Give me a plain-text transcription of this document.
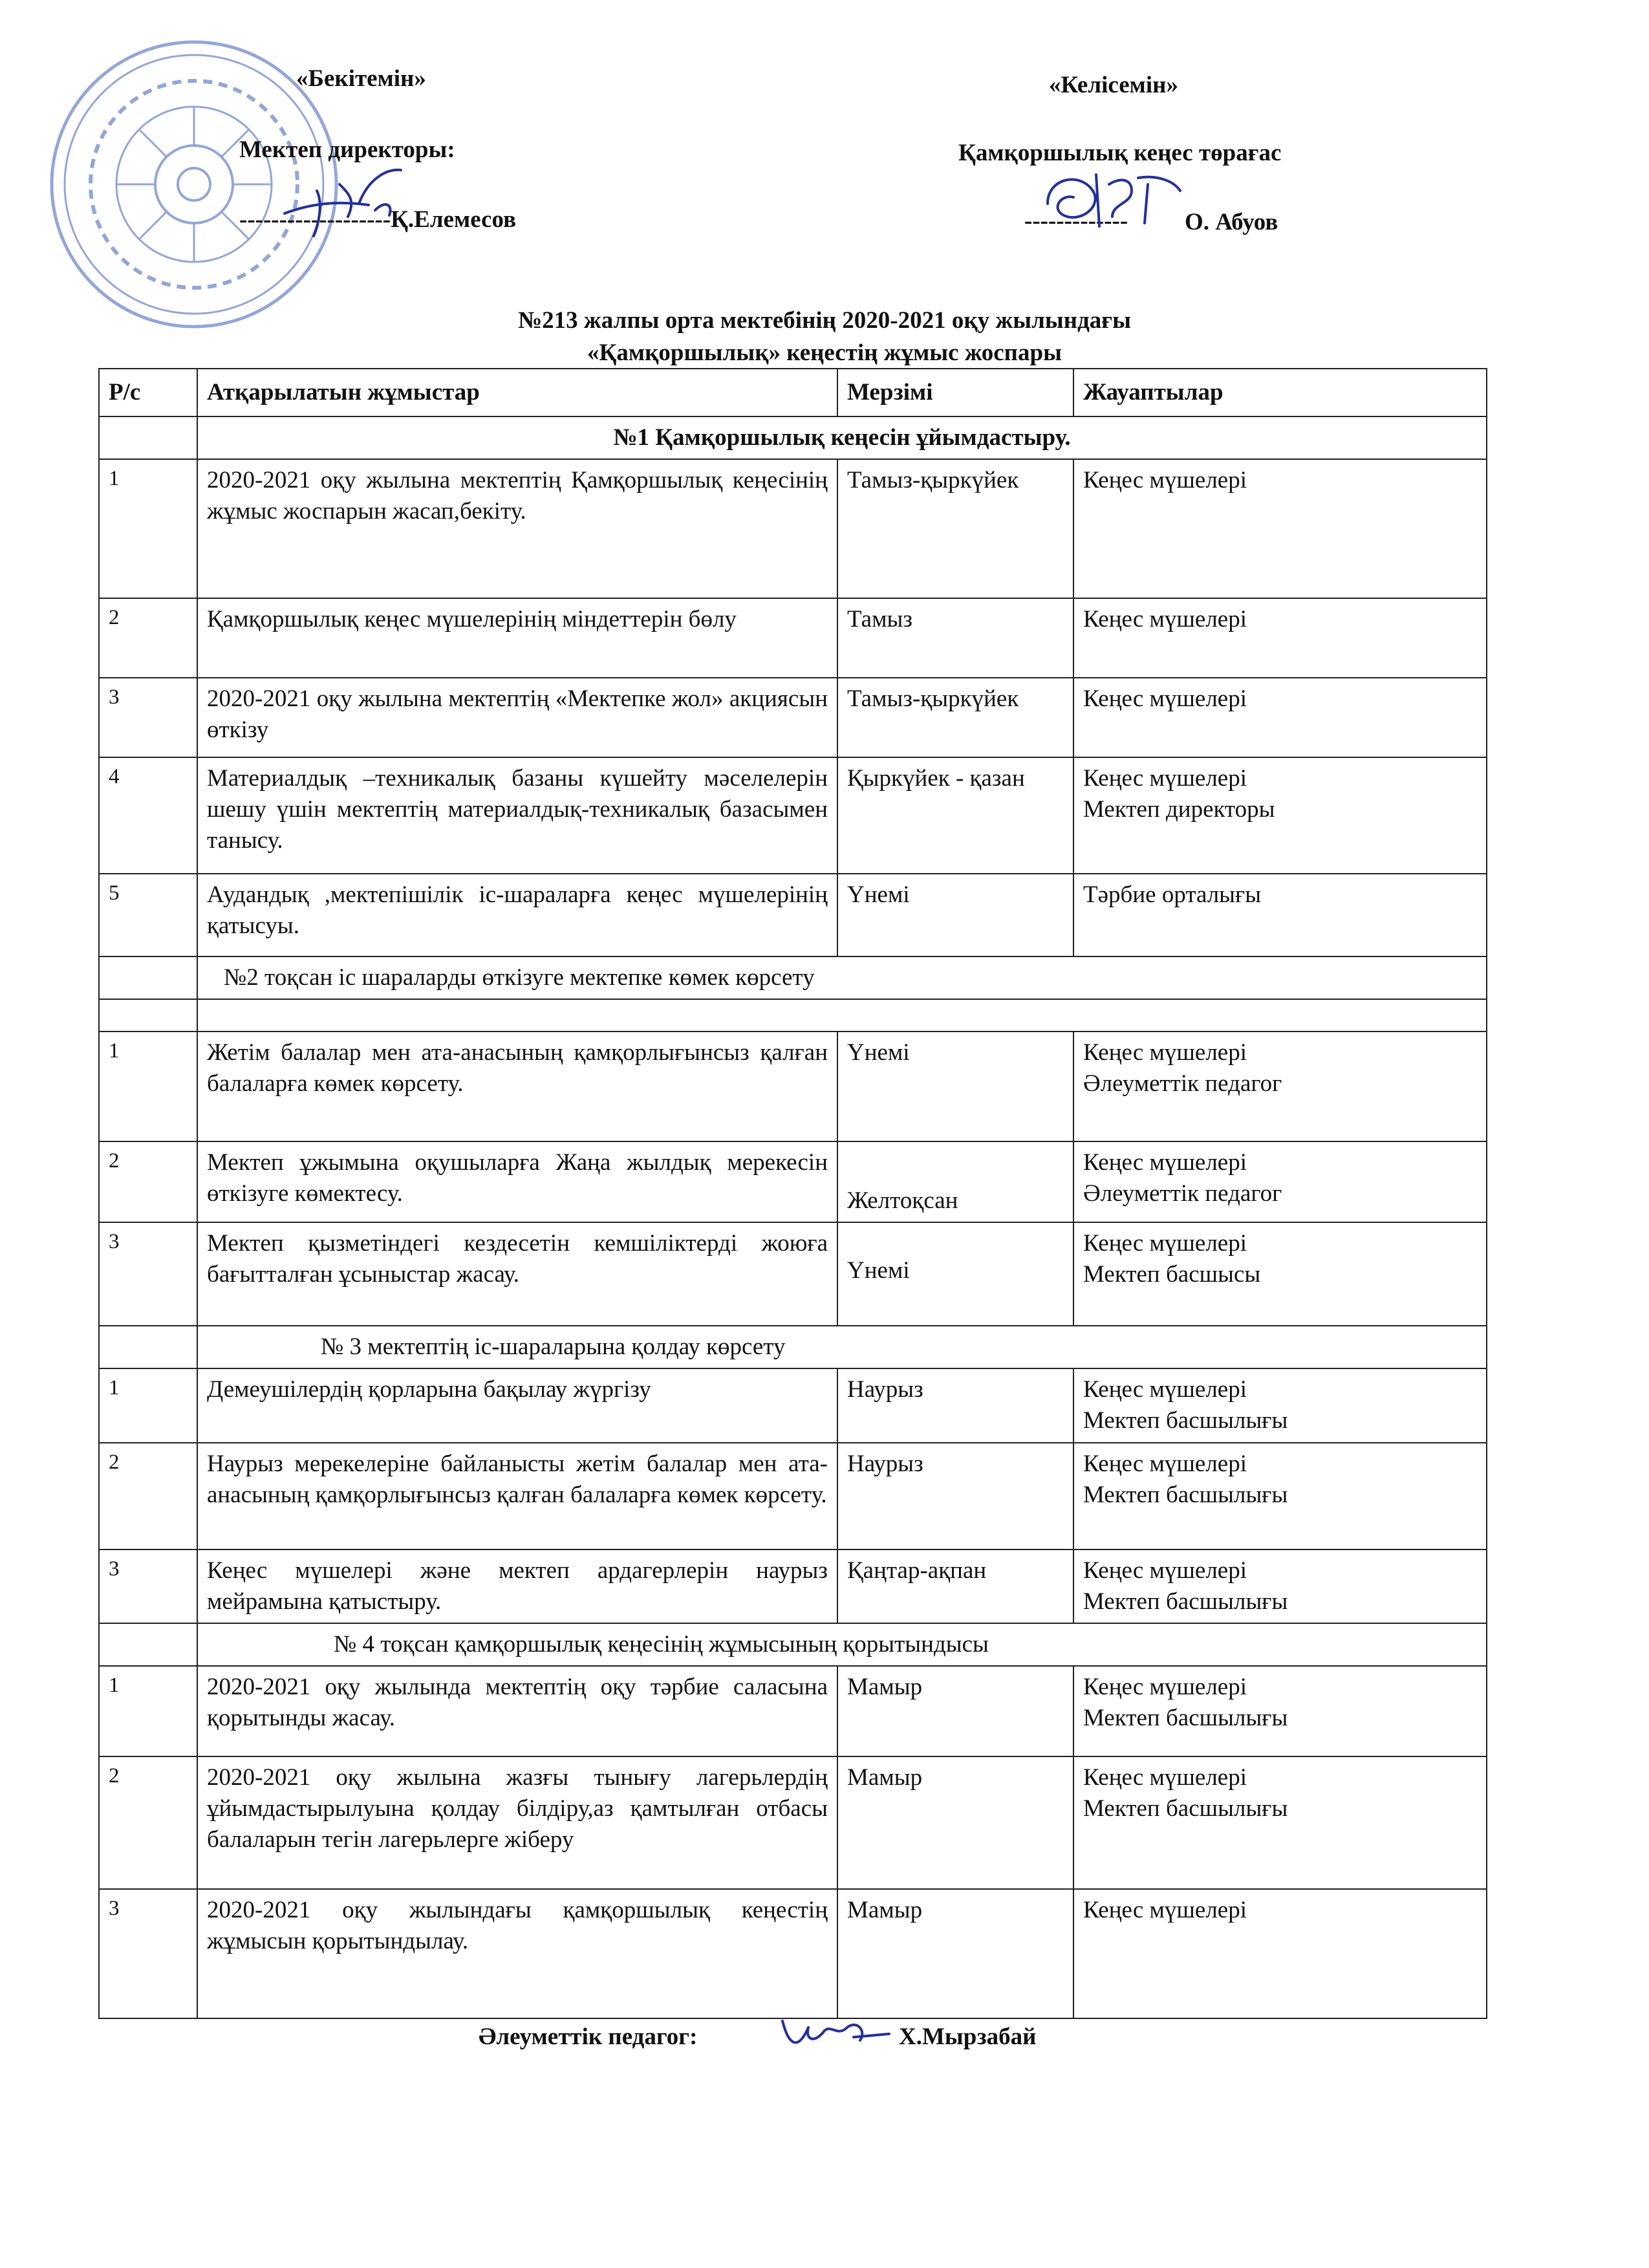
«Бекітемін»
Мектеп директоры:
-------------------Қ.Елемесов
«Келісемін»
Қамқоршылық кеңес төрағас
------------- О. Абуов
№213 жалпы орта мектебінің 2020-2021 оқу жылындағы
«Қамқоршылық» кеңестің жұмыс жоспары
Р/с	Атқарылатын жұмыстар	Мерзімі	Жауаптылар
	№1 Қамқоршылық кеңесін ұйымдастыру.		
1	2020-2021 оқу жылына мектептің Қамқоршылық кеңесінің жұмыс жоспарын жасап,бекіту.	Тамыз-қыркүйек	Кеңес мүшелері

2	Қамқоршылық кеңес мүшелерінің міндеттерін бөлу	Тамыз	Кеңес мүшелері

3	2020-2021 оқу жылына мектептің «Мектепке жол» акциясын өткізу	Тамыз-қыркүйек	Кеңес мүшелері

4	Материалдық –техникалық базаны күшейту мәселелерін шешу үшін мектептің материалдық-техникалық базасымен танысу.	Қыркүйек - қазан	Кеңес мүшелері
Мектеп директоры

5	Аудандық ,мектепішілік іс-шараларға кеңес мүшелерінің қатысуы.	Үнемі	Тәрбие орталығы

	№2 тоқсан іс шараларды өткізуге мектепке көмек көрсету		

1	Жетім балалар мен ата-анасының қамқорлығынсыз қалған балаларға көмек көрсету.	Үнемі	Кеңес мүшелері
Әлеуметтік педагог

2	Мектеп ұжымына оқушыларға Жаңа жылдық мерекесін өткізуге көмектесу.	Желтоқсан	Кеңес мүшелері
Әлеуметтік педагог

3	Мектеп қызметіндегі кездесетін кемшіліктерді жоюға бағытталған ұсыныстар жасау.	Үнемі	Кеңес мүшелері
Мектеп басшысы

	№ 3 мектептің іс-шараларына қолдау көрсету		
1	Демеушілердің қорларына бақылау жүргізу	Наурыз	Кеңес мүшелері
Мектеп басшылығы

2	Наурыз мерекелеріне байланысты жетім балалар мен ата-анасының қамқорлығынсыз қалған балаларға көмек көрсету.	Наурыз	Кеңес мүшелері
Мектеп басшылығы

3	Кеңес мүшелері және мектеп ардагерлерін наурыз мейрамына қатыстыру.	Қаңтар-ақпан	Кеңес мүшелері
Мектеп басшылығы

	№ 4 тоқсан қамқоршылық кеңесінің жұмысының қорытындысы		
1	2020-2021 оқу жылында мектептің оқу тәрбие саласына қорытынды жасау.	Мамыр	Кеңес мүшелері
Мектеп басшылығы

2	2020-2021 оқу жылына жазғы тынығу лагерьлердің ұйымдастырылуына қолдау білдіру,аз қамтылған отбасы балаларын тегін лагерьлерге жіберу	Мамыр	Кеңес мүшелері
Мектеп басшылығы

3	2020-2021 оқу жылындағы қамқоршылық кеңестің жұмысын қорытындылау.	Мамыр	Кеңес мүшелері
Әлеуметтік педагог:	Х.Мырзабай
